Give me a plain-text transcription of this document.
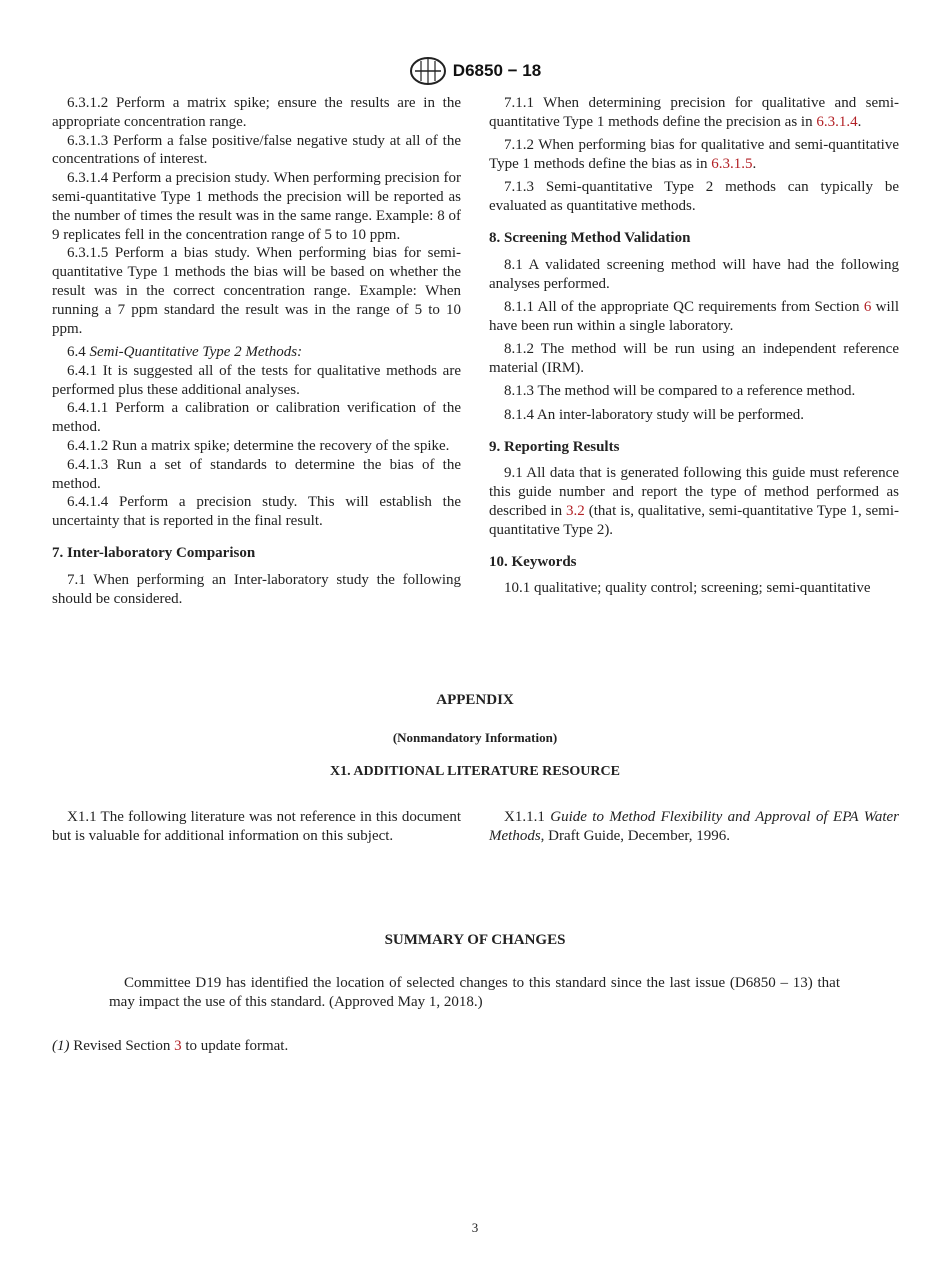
D6850 − 18

6.3.1.2 Perform a matrix spike; ensure the results are in the appropriate concentration range.

6.3.1.3 Perform a false positive/false negative study at all of the concentrations of interest.

6.3.1.4 Perform a precision study. When performing precision for semi-quantitative Type 1 methods the precision will be reported as the number of times the result was in the same range. Example: 8 of 9 replicates fell in the concentration range of 5 to 10 ppm.

6.3.1.5 Perform a bias study. When performing bias for semi-quantitative Type 1 methods the bias will be based on whether the result was in the correct concentration range. Example: When running a 7 ppm standard the result was in the range of 5 to 10 ppm.

6.4 Semi-Quantitative Type 2 Methods:

6.4.1 It is suggested all of the tests for qualitative methods are performed plus these additional analyses.

6.4.1.1 Perform a calibration or calibration verification of the method.

6.4.1.2 Run a matrix spike; determine the recovery of the spike.

6.4.1.3 Run a set of standards to determine the bias of the method.

6.4.1.4 Perform a precision study. This will establish the uncertainty that is reported in the final result.

7. Inter-laboratory Comparison

7.1 When performing an Inter-laboratory study the following should be considered.

7.1.1 When determining precision for qualitative and semi-quantitative Type 1 methods define the precision as in 6.3.1.4.

7.1.2 When performing bias for qualitative and semi-quantitative Type 1 methods define the bias as in 6.3.1.5.

7.1.3 Semi-quantitative Type 2 methods can typically be evaluated as quantitative methods.

8. Screening Method Validation

8.1 A validated screening method will have had the following analyses performed.

8.1.1 All of the appropriate QC requirements from Section 6 will have been run within a single laboratory.

8.1.2 The method will be run using an independent reference material (IRM).

8.1.3 The method will be compared to a reference method.

8.1.4 An inter-laboratory study will be performed.

9. Reporting Results

9.1 All data that is generated following this guide must reference this guide number and report the type of method performed as described in 3.2 (that is, qualitative, semi-quantitative Type 1, semi-quantitative Type 2).

10. Keywords

10.1 qualitative; quality control; screening; semi-quantitative

APPENDIX
(Nonmandatory Information)
X1. ADDITIONAL LITERATURE RESOURCE

X1.1 The following literature was not reference in this document but is valuable for additional information on this subject.

X1.1.1 Guide to Method Flexibility and Approval of EPA Water Methods, Draft Guide, December, 1996.

SUMMARY OF CHANGES

Committee D19 has identified the location of selected changes to this standard since the last issue (D6850 – 13) that may impact the use of this standard. (Approved May 1, 2018.)

(1) Revised Section 3 to update format.
3
